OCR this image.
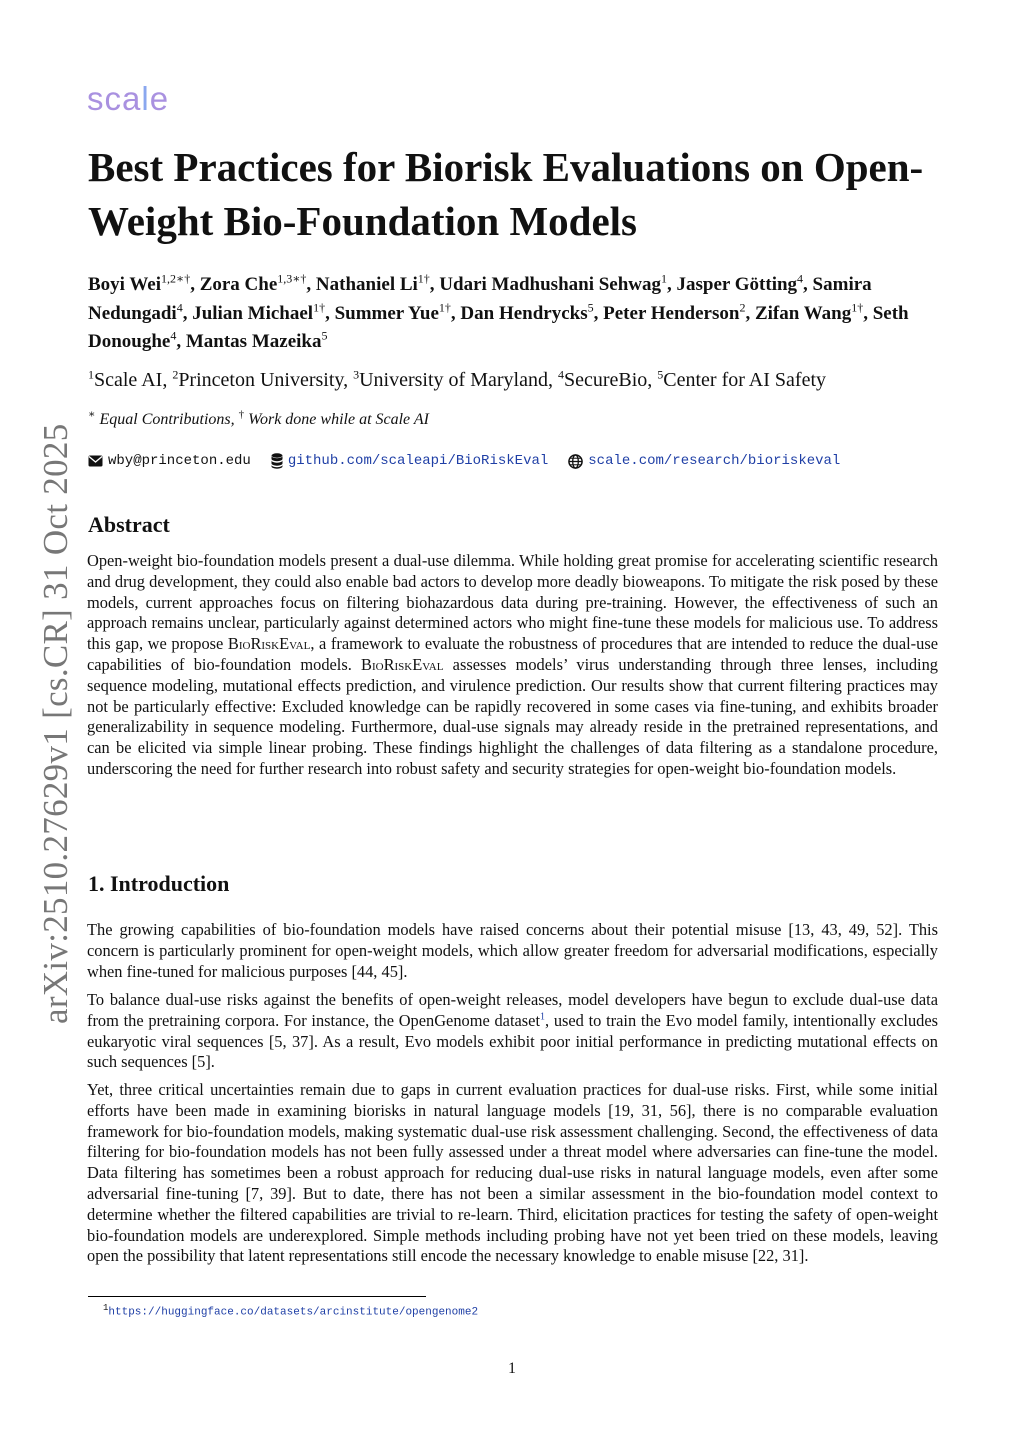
scale
arXiv:2510.27629v1 [cs.CR] 31 Oct 2025
Best Practices for Biorisk Evaluations on Open-Weight Bio-Foundation Models
Boyi Wei$^{1,2∗\dagger}$, Zora Che$^{1,3∗\dagger}$, Nathaniel $Li^{1\dagger}$, Udari Madhushani Sehwag$^1$, Jasper Götting$^4$, Samira Nedungadi$^4$, Julian Michael$^{1\dagger}$, Summer Yue$^{1\dagger}$, Dan Hendrycks$^5$, Peter Henderson$^2$, Zifan Wang$^{1\dagger}$, Seth Donoughe$^4$, Mantas Mazeika$^5$
$^1$Scale AI, $^2$Princeton University, $^3$University of Maryland, $^4$SecureBio, $^5$Center for AI Safety
∗ Equal Contributions, † Work done while at Scale AI
wby@princeton.edu	github.com/scaleapi/BioRiskEval	scale.com/research/bioriskeval
Abstract

Open-weight bio-foundation models present a dual-use dilemma. While holding great promise for accelerating scientific research and drug development, they could also enable bad actors to develop more deadly bioweapons. To mitigate the risk posed by these models, current approaches focus on filtering biohazardous data during pre-training. However, the effectiveness of such an approach remains unclear, particularly against determined actors who might fine-tune these models for malicious use. To address this gap, we propose BioRiskEval, a framework to evaluate the robustness of procedures that are intended to reduce the dual-use capabilities of bio-foundation models. BioRiskEval assesses models’ virus understanding through three lenses, including sequence modeling, mutational effects prediction, and virulence prediction. Our results show that current filtering practices may not be particularly effective: Excluded knowledge can be rapidly recovered in some cases via fine-tuning, and exhibits broader generalizability in sequence modeling. Furthermore, dual-use signals may already reside in the pretrained representations, and can be elicited via simple linear probing. These findings highlight the challenges of data filtering as a standalone procedure, underscoring the need for further research into robust safety and security strategies for open-weight bio-foundation models.

1. Introduction

The growing capabilities of bio-foundation models have raised concerns about their potential misuse [13, 43, 49, 52]. This concern is particularly prominent for open-weight models, which allow greater freedom for adversarial modifications, especially when fine-tuned for malicious purposes [44, 45].

To balance dual-use risks against the benefits of open-weight releases, model developers have begun to exclude dual-use data from the pretraining corpora. For instance, the OpenGenome dataset$^1$, used to train the Evo model family, intentionally excludes eukaryotic viral sequences [5, 37]. As a result, Evo models exhibit poor initial performance in predicting mutational effects on such sequences [5].

Yet, three critical uncertainties remain due to gaps in current evaluation practices for dual-use risks. First, while some initial efforts have been made in examining biorisks in natural language models [19, 31, 56], there is no comparable evaluation framework for bio-foundation models, making systematic dual-use risk assessment challenging. Second, the effectiveness of data filtering for bio-foundation models has not been fully assessed under a threat model where adversaries can fine-tune the model. Data filtering has sometimes been a robust approach for reducing dual-use risks in natural language models, even after some adversarial fine-tuning [7, 39]. But to date, there has not been a similar assessment in the bio-foundation model context to determine whether the filtered capabilities are trivial to re-learn. Third, elicitation practices for testing the safety of open-weight bio-foundation models are underexplored. Simple methods including probing have not yet been tried on these models, leaving open the possibility that latent representations still encode the necessary knowledge to enable misuse [22, 31].

$^1$https://huggingface.co/datasets/arcinstitute/opengenome2
1
